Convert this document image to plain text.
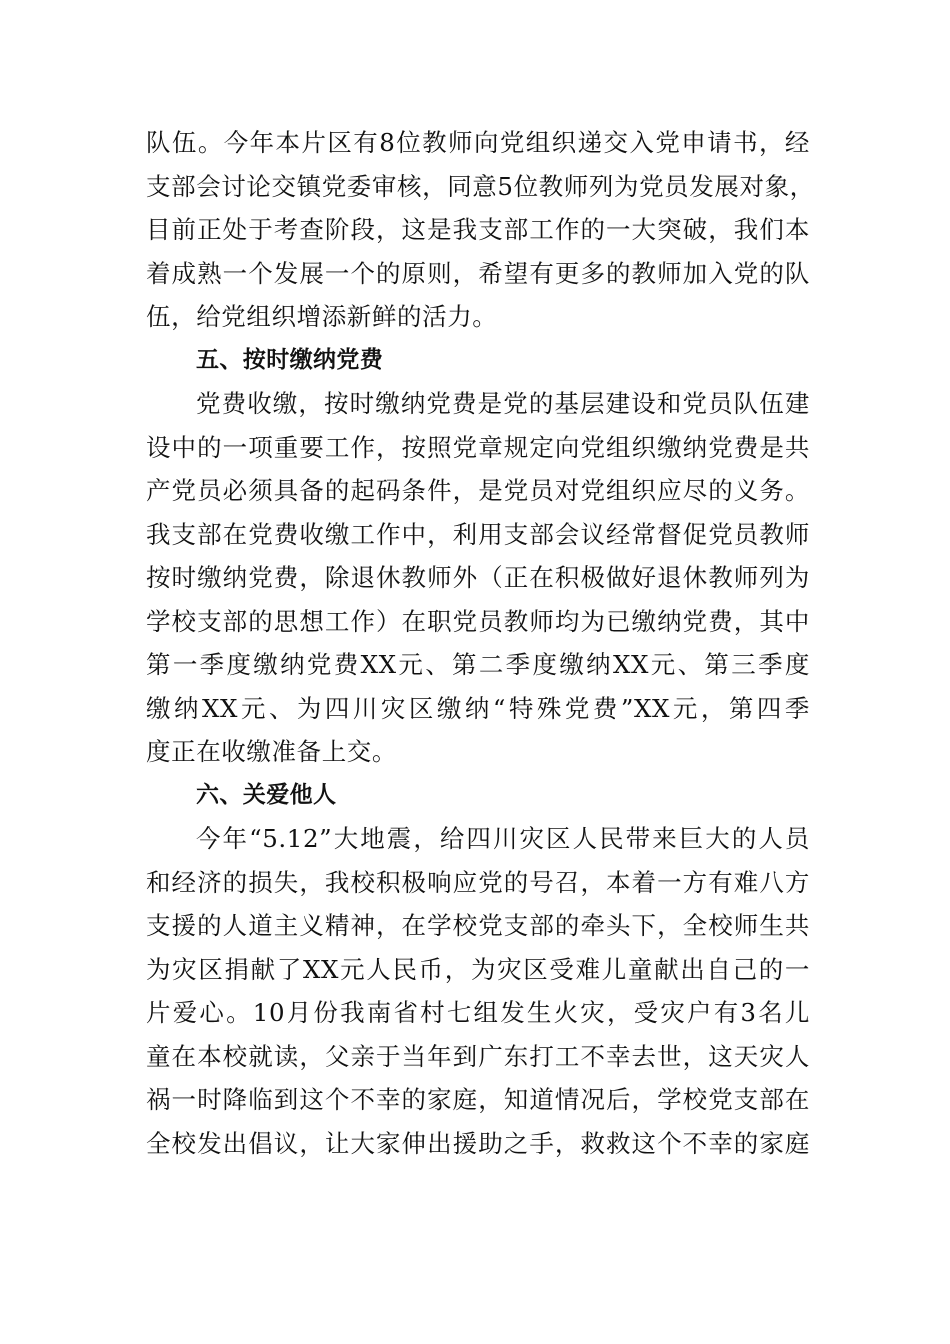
队伍。今年本片区有8位教师向党组织递交入党申请书，经
支部会讨论交镇党委审核，同意5位教师列为党员发展对象，
目前正处于考查阶段，这是我支部工作的一大突破，我们本
着成熟一个发展一个的原则，希望有更多的教师加入党的队
伍，给党组织增添新鲜的活力。
五、按时缴纳党费
党费收缴，按时缴纳党费是党的基层建设和党员队伍建
设中的一项重要工作，按照党章规定向党组织缴纳党费是共
产党员必须具备的起码条件，是党员对党组织应尽的义务。
我支部在党费收缴工作中，利用支部会议经常督促党员教师
按时缴纳党费，除退休教师外（正在积极做好退休教师列为
学校支部的思想工作）在职党员教师均为已缴纳党费，其中
第一季度缴纳党费XX元、第二季度缴纳XX元、第三季度
缴纳XX元、为四川灾区缴纳“特殊党费”XX元，第四季
度正在收缴准备上交。
六、关爱他人
今年“5.12”大地震，给四川灾区人民带来巨大的人员
和经济的损失，我校积极响应党的号召，本着一方有难八方
支援的人道主义精神，在学校党支部的牵头下，全校师生共
为灾区捐献了XX元人民币，为灾区受难儿童献出自己的一
片爱心。10月份我南省村七组发生火灾，受灾户有3名儿
童在本校就读，父亲于当年到广东打工不幸去世，这天灾人
祸一时降临到这个不幸的家庭，知道情况后，学校党支部在
全校发出倡议，让大家伸出援助之手，救救这个不幸的家庭
